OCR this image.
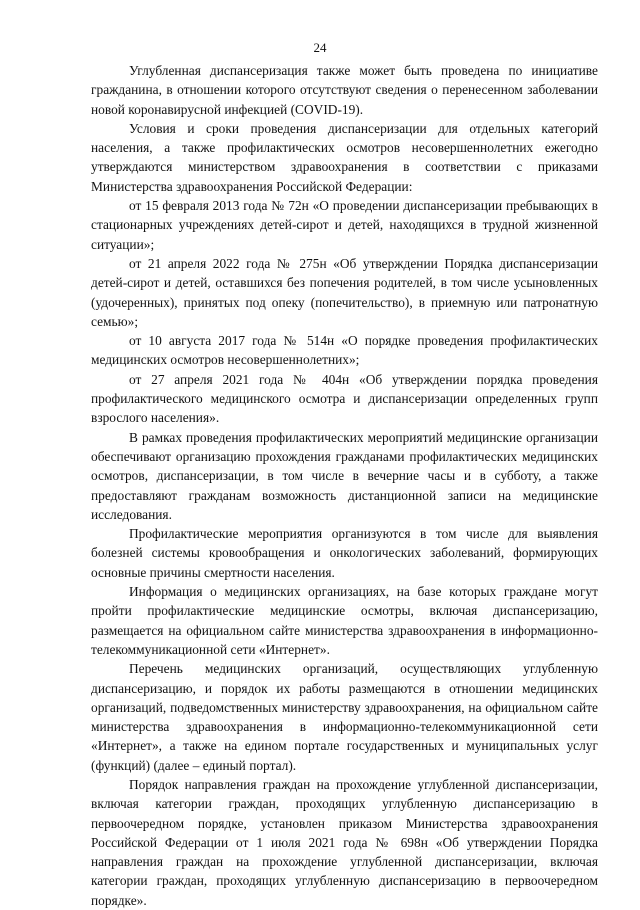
24

Углубленная диспансеризация также может быть проведена по инициативе гражданина, в отношении которого отсутствуют сведения о перенесенном заболевании новой коронавирусной инфекцией (COVID-19).

Условия и сроки проведения диспансеризации для отдельных категорий населения, а также профилактических осмотров несовершеннолетних ежегодно утверждаются министерством здравоохранения в соответствии с приказами Министерства здравоохранения Российской Федерации:

от 15 февраля 2013 года № 72н «О проведении диспансеризации пребывающих в стационарных учреждениях детей-сирот и детей, находящихся в трудной жизненной ситуации»;

от 21 апреля 2022 года № 275н «Об утверждении Порядка диспансеризации детей-сирот и детей, оставшихся без попечения родителей, в том числе усыновленных (удочеренных), принятых под опеку (попечительство), в приемную или патронатную семью»;

от 10 августа 2017 года № 514н «О порядке проведения профилактических медицинских осмотров несовершеннолетних»;

от 27 апреля 2021 года № 404н «Об утверждении порядка проведения профилактического медицинского осмотра и диспансеризации определенных групп взрослого населения».

В рамках проведения профилактических мероприятий медицинские организации обеспечивают организацию прохождения гражданами профилактических медицинских осмотров, диспансеризации, в том числе в вечерние часы и в субботу, а также предоставляют гражданам возможность дистанционной записи на медицинские исследования.

Профилактические мероприятия организуются в том числе для выявления болезней системы кровообращения и онкологических заболеваний, формирующих основные причины смертности населения.

Информация о медицинских организациях, на базе которых граждане могут пройти профилактические медицинские осмотры, включая диспансеризацию, размещается на официальном сайте министерства здравоохранения в информационно-телекоммуникационной сети «Интернет».

Перечень медицинских организаций, осуществляющих углубленную диспансеризацию, и порядок их работы размещаются в отношении медицинских организаций, подведомственных министерству здравоохранения, на официальном сайте министерства здравоохранения в информационно-телекоммуникационной сети «Интернет», а также на едином портале государственных и муниципальных услуг (функций) (далее – единый портал).

Порядок направления граждан на прохождение углубленной диспансеризации, включая категории граждан, проходящих углубленную диспансеризацию в первоочередном порядке, установлен приказом Министерства здравоохранения Российской Федерации от 1 июля 2021 года № 698н «Об утверждении Порядка направления граждан на прохождение углубленной диспансеризации, включая категории граждан, проходящих углубленную диспансеризацию в первоочередном порядке».
